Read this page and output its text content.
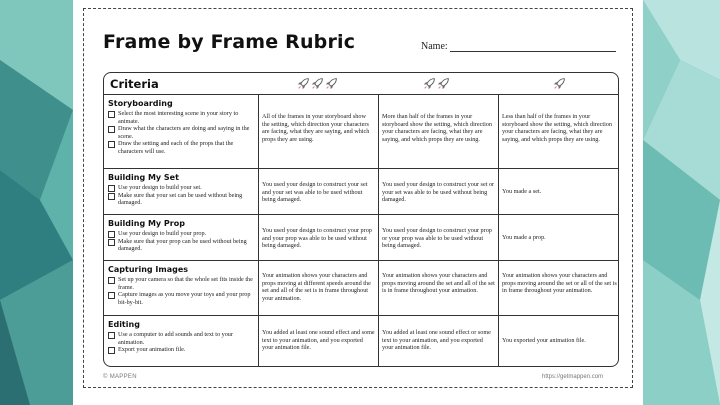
Frame by Frame Rubric	Name:
Criteria
Storyboarding
Select the most interesting scene in your story to animate.
Draw what the characters are doing and saying in the scene.
Draw the setting and each of the props that the characters will use.
All of the frames in your storyboard show the setting, which direction your characters are facing, what they are saying, and which props they are using.
More than half of the frames in your storyboard show the setting, which direction your characters are facing, what they are saying, and which props they are using.
Less than half of the frames in your storyboard show the setting, which direction your characters are facing, what they are saying, and which props they are using.
Building My Set
Use your design to build your set.
Make sure that your set can be used without being damaged.
You used your design to construct your set and your set was able to be used without being damaged.
You used your design to construct your set or your set was able to be used without being damaged.
You made a set.
Building My Prop
Use your design to build your prop.
Make sure that your prop can be used without being damaged.
You used your design to construct your prop and your prop was able to be used without being damaged.
You used your design to construct your prop or your prop was able to be used without being damaged.
You made a prop.
Capturing Images
Set up your camera so that the whole set fits inside the frame.
Capture images as you move your toys and your prop bit-by-bit.
Your animation shows your characters and props moving at different speeds around the set and all of the set is in frame throughout your animation.
Your animation shows your characters and props moving around the set and all of the set is in frame throughout your animation.
Your animation shows your characters and props moving around the set or all of the set is in frame throughout your animation.
Editing
Use a computer to add sounds and text to your animation.
Export your animation file.
You added at least one sound effect and some text to your animation, and you exported your animation file.
You added at least one sound effect or some text to your animation, and you exported your animation file.
You exported your animation file.
© MAPPEN	https://getmappen.com
